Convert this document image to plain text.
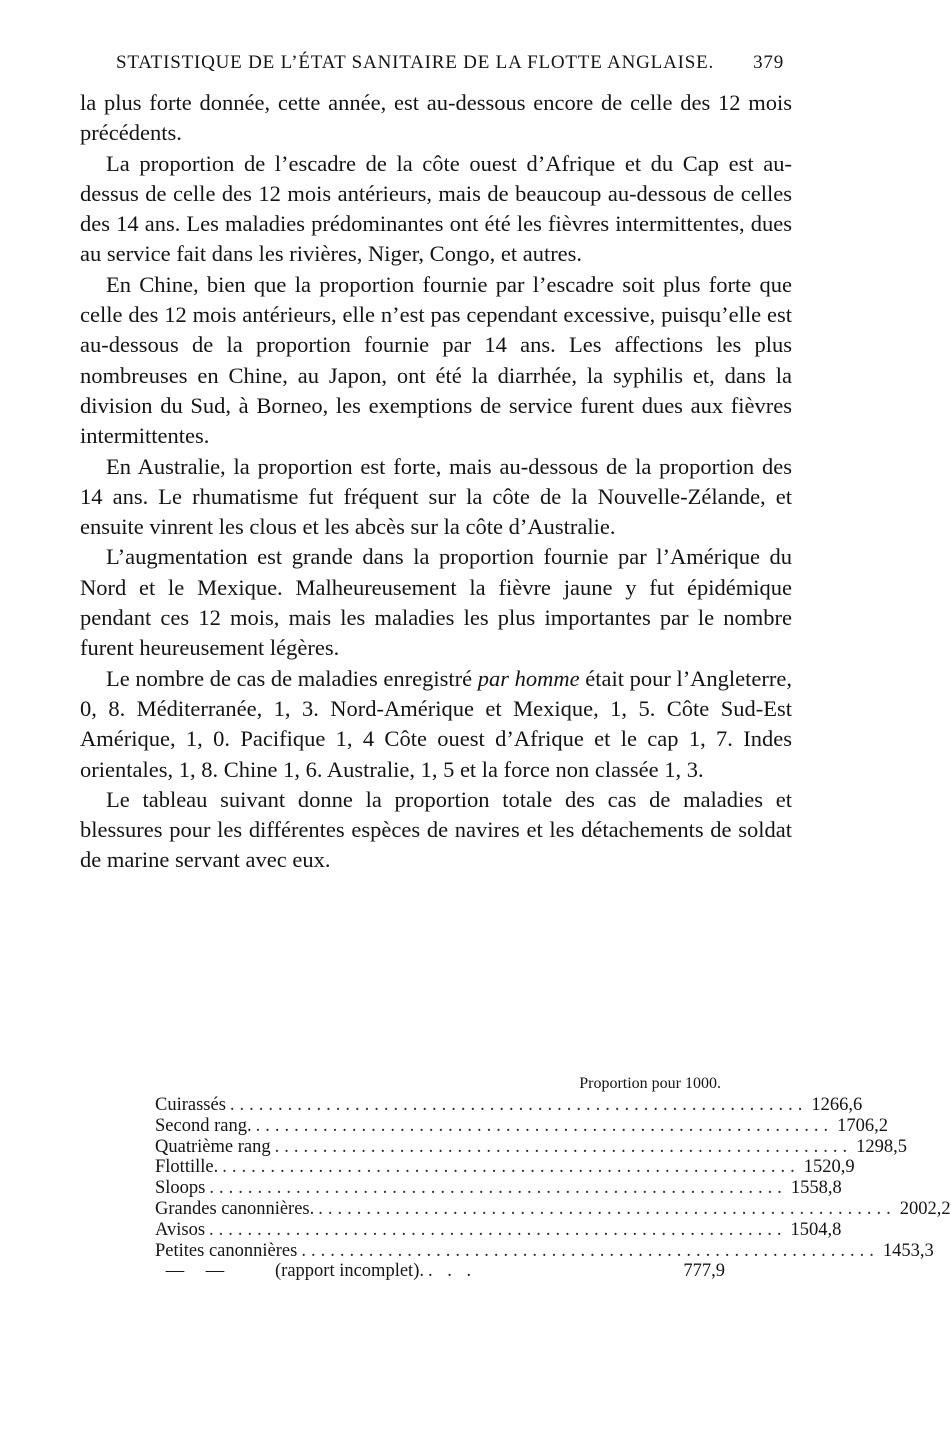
STATISTIQUE DE L’ÉTAT SANITAIRE DE LA FLOTTE ANGLAISE. 379

la plus forte donnée, cette année, est au-dessous encore de celle des 12 mois précédents.

La proportion de l’escadre de la côte ouest d’Afrique et du Cap est au-dessus de celle des 12 mois antérieurs, mais de beaucoup au-dessous de celles des 14 ans. Les maladies prédominantes ont été les fièvres intermittentes, dues au service fait dans les rivières, Niger, Congo, et autres.

En Chine, bien que la proportion fournie par l’escadre soit plus forte que celle des 12 mois antérieurs, elle n’est pas cependant excessive, puisqu’elle est au-dessous de la proportion fournie par 14 ans. Les affections les plus nombreuses en Chine, au Japon, ont été la diarrhée, la syphilis et, dans la division du Sud, à Borneo, les exemptions de service furent dues aux fièvres intermittentes.

En Australie, la proportion est forte, mais au-dessous de la proportion des 14 ans. Le rhumatisme fut fréquent sur la côte de la Nouvelle-Zélande, et ensuite vinrent les clous et les abcès sur la côte d’Australie.

L’augmentation est grande dans la proportion fournie par l’Amérique du Nord et le Mexique. Malheureusement la fièvre jaune y fut épidémique pendant ces 12 mois, mais les maladies les plus importantes par le nombre furent heureusement légères.

Le nombre de cas de maladies enregistré par homme était pour l’Angleterre, 0, 8. Méditerranée, 1, 3. Nord-Amérique et Mexique, 1, 5. Côte Sud-Est Amérique, 1, 0. Pacifique 1, 4 Côte ouest d’Afrique et le cap 1, 7. Indes orientales, 1, 8. Chine 1, 6. Australie, 1, 5 et la force non classée 1, 3.

Le tableau suivant donne la proportion totale des cas de maladies et blessures pour les différentes espèces de navires et les détachements de soldat de marine servant avec eux.

Proportion pour 1000.
Cuirassés ............................................................ 1266,6
Second rang. ............................................................ 1706,2
Quatrième rang ............................................................ 1298,5
Flottille. ............................................................ 1520,9
Sloops ............................................................ 1558,8
Grandes canonnières. ............................................................ 2002,2
Avisos ............................................................ 1504,8
Petites canonnières ............................................................ 1453,3
—	—	(rapport incomplet). . . .	777,9
